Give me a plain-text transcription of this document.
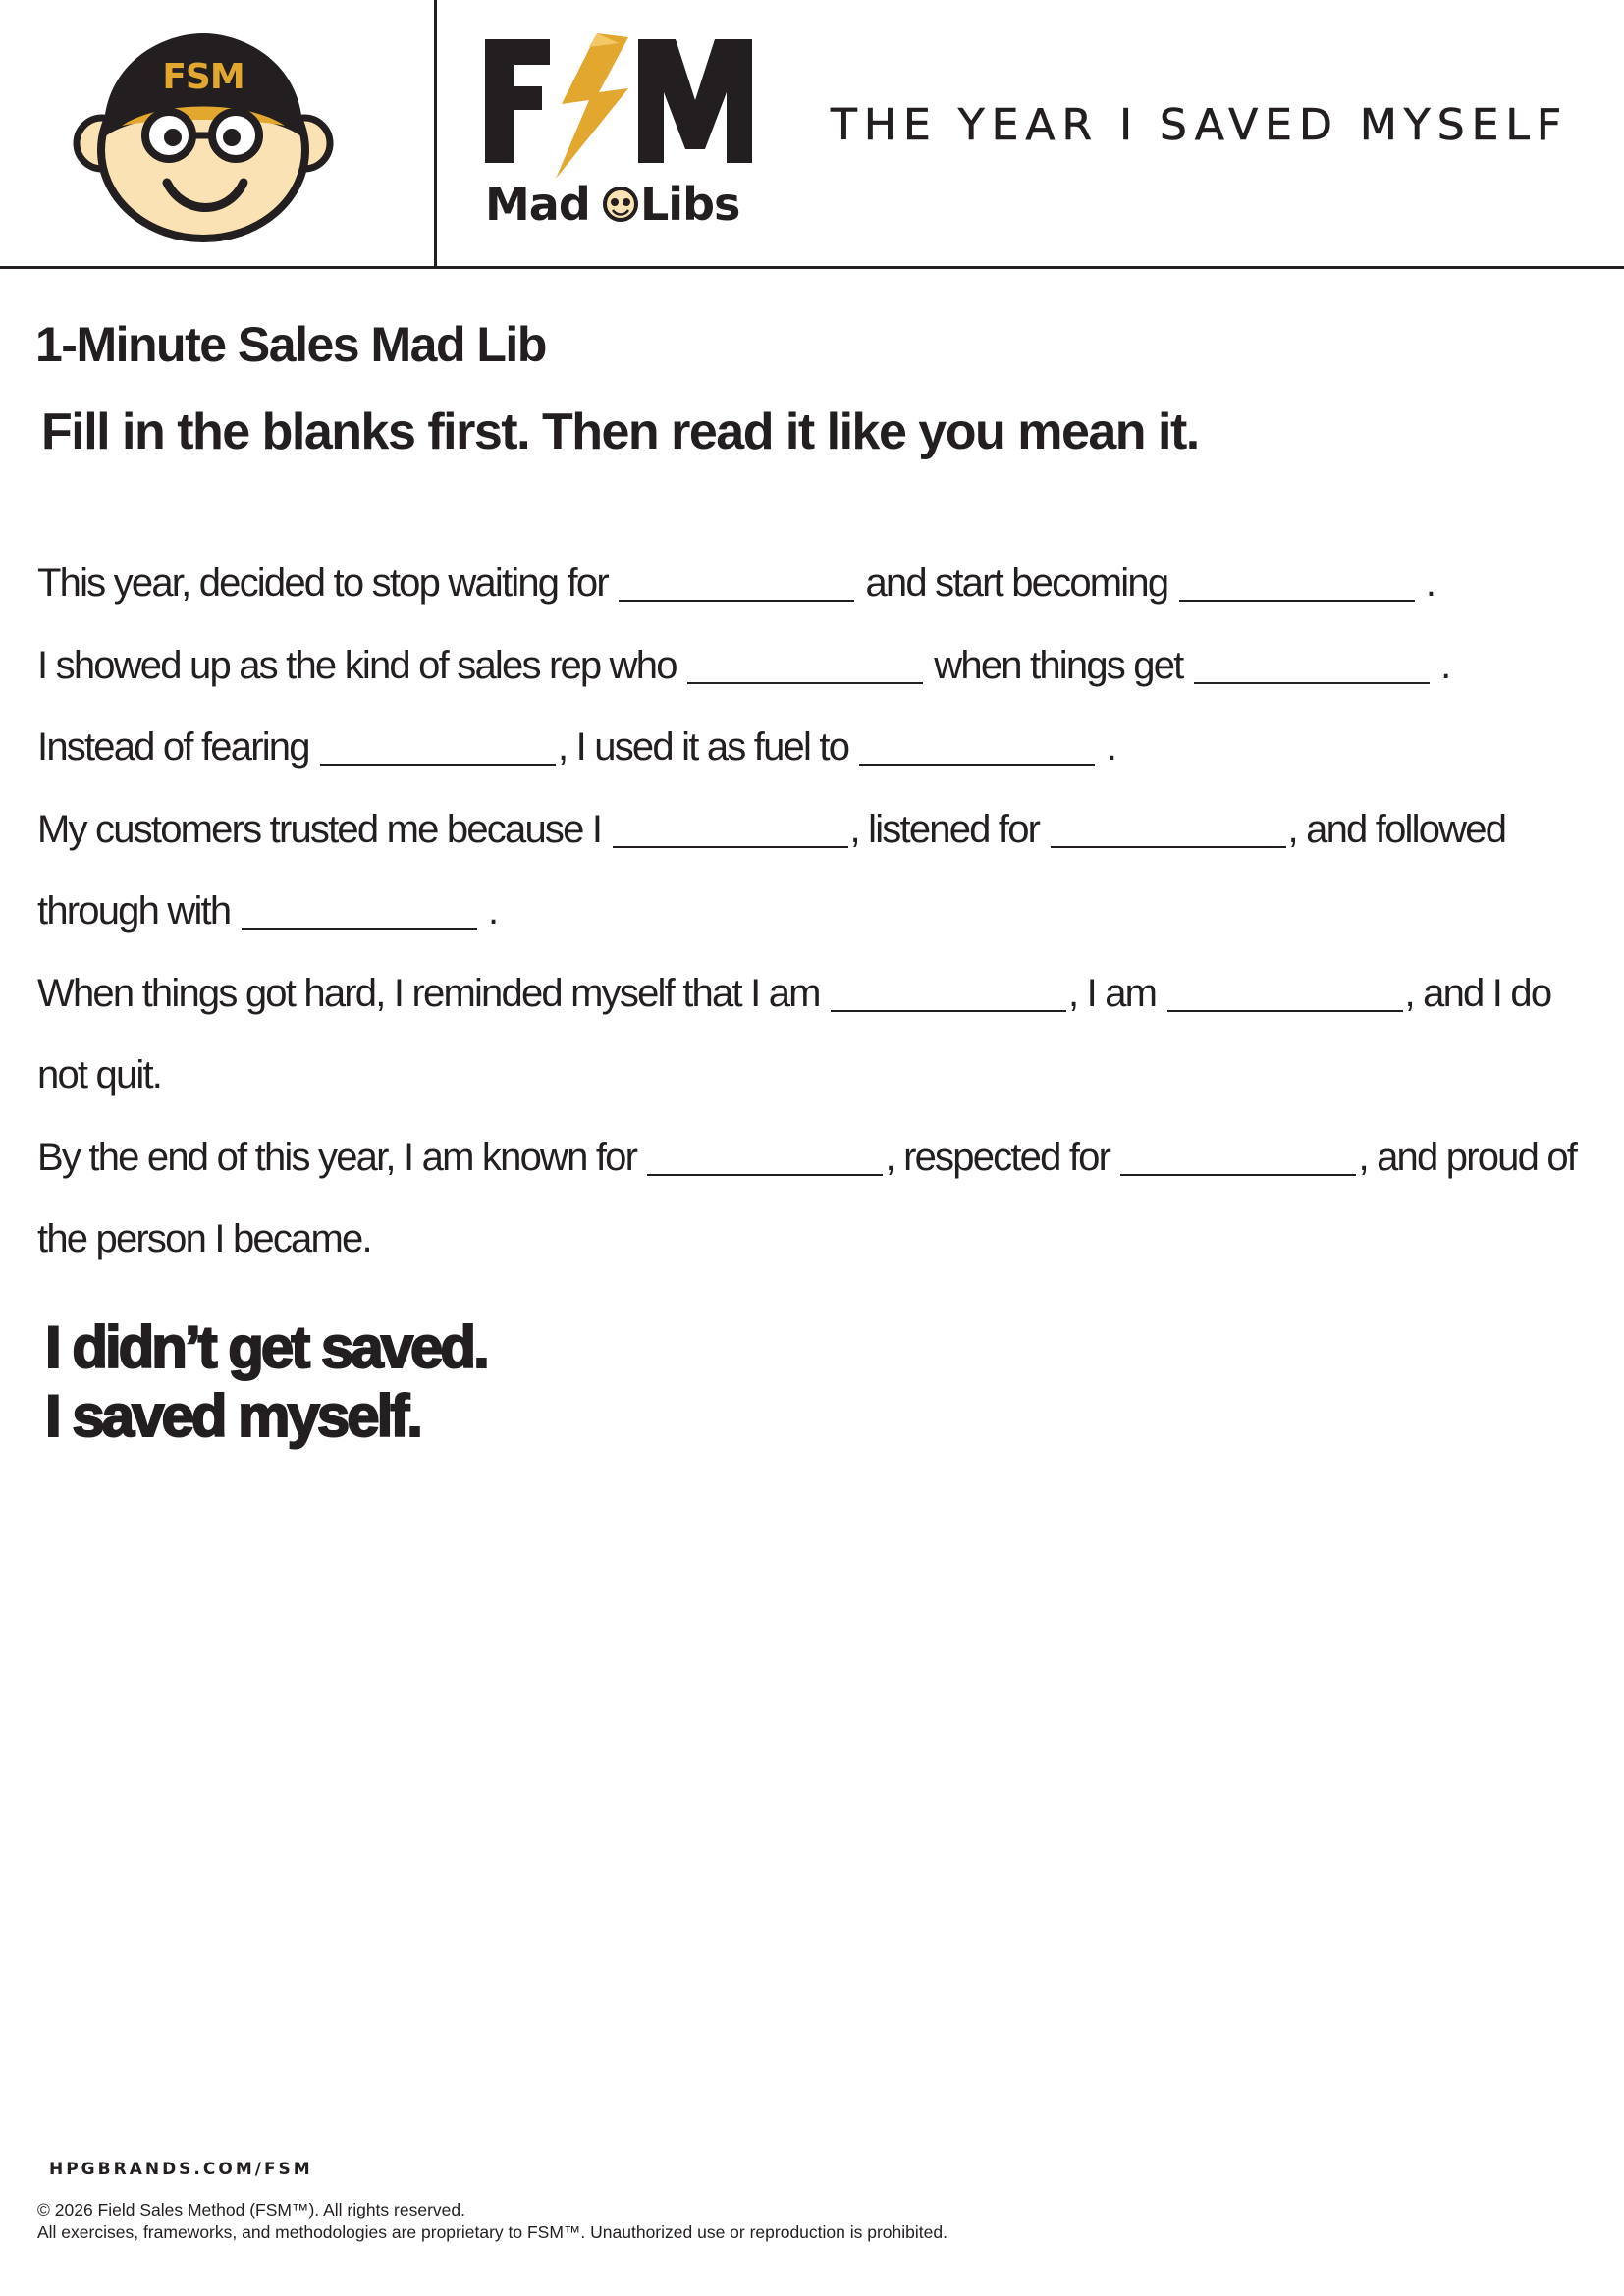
FSM
Mad Libs
THE YEAR I SAVED MYSELF
1-Minute Sales Mad Lib
Fill in the blanks first. Then read it like you mean it.
This year, decided to stop waiting for	and start becoming	.
I showed up as the kind of sales rep who	when things get	.
Instead of fearing	, I used it as fuel to	.
My customers trusted me because I	, listened for	, and followed
through with	.
When things got hard, I reminded myself that I am	, I am	, and I do
not quit.
By the end of this year, I am known for	, respected for	, and proud of
the person I became.
I didn’t get saved.
I saved myself.
HPGBRANDS.COM/FSM
© 2026 Field Sales Method (FSM™). All rights reserved.
All exercises, frameworks, and methodologies are proprietary to FSM™. Unauthorized use or reproduction is prohibited.
